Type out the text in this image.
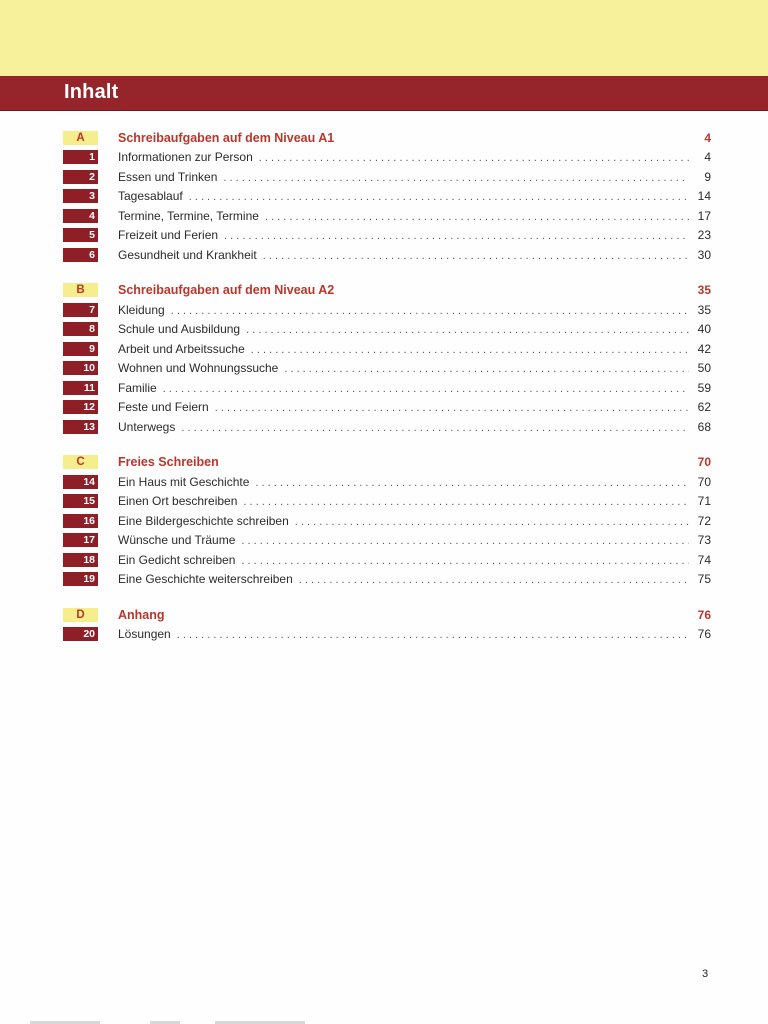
Inhalt
A	Schreibaufgaben auf dem Niveau A1	4
1 Informationen zur Person . . .	4
2 Essen und Trinken . . .	9
3 Tagesablauf . . .	14
4 Termine, Termine, Termine . . .	17
5 Freizeit und Ferien . . .	23
6 Gesundheit und Krankheit . . .	30
B	Schreibaufgaben auf dem Niveau A2	35
7 Kleidung . . .	35
8 Schule und Ausbildung . . .	40
9 Arbeit und Arbeitssuche . . .	42
10 Wohnen und Wohnungssuche . . .	50
11 Familie . . .	59
12 Feste und Feiern . . .	62
13 Unterwegs . . .	68
C	Freies Schreiben	70
14 Ein Haus mit Geschichte . . .	70
15 Einen Ort beschreiben . . .	71
16 Eine Bildergeschichte schreiben . . .	72
17 Wünsche und Träume . . .	73
18 Ein Gedicht schreiben . . .	74
19 Eine Geschichte weiterschreiben . . .	75
D	Anhang	76
20 Lösungen . . .	76
3
